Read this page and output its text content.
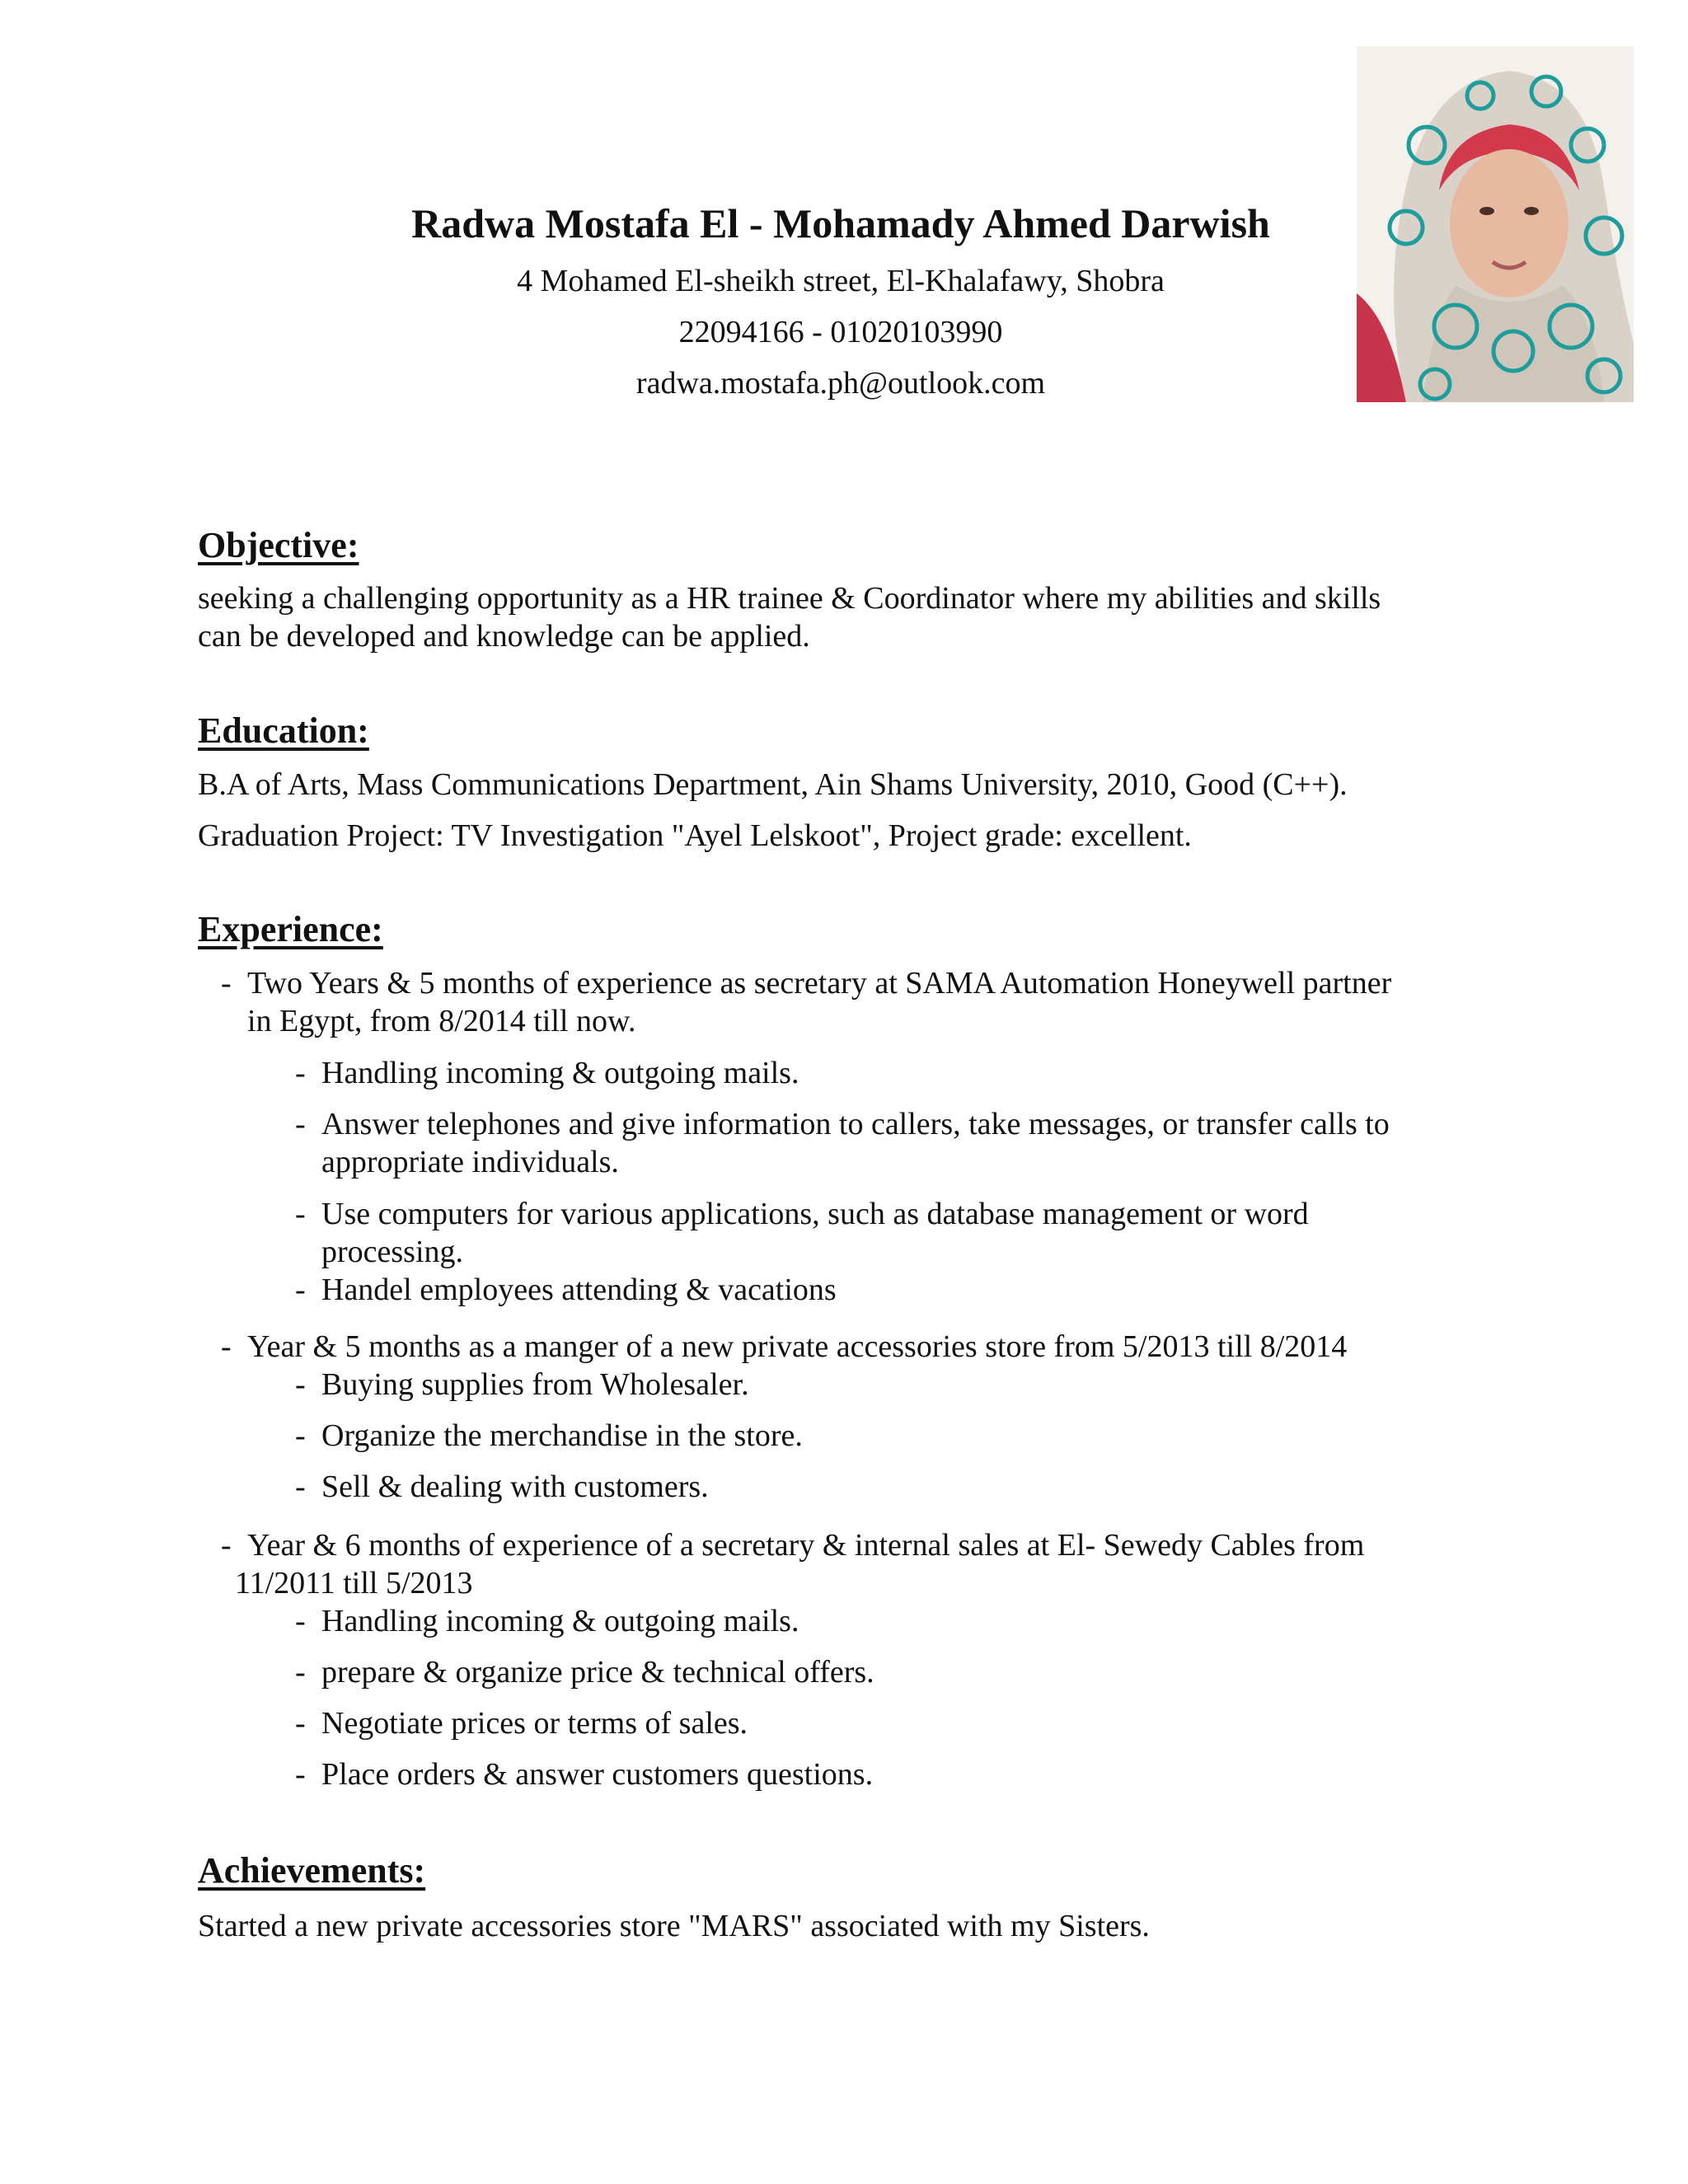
Radwa Mostafa El - Mohamady Ahmed Darwish
4 Mohamed El-sheikh street, El-Khalafawy, Shobra
22094166 - 01020103990
radwa.mostafa.ph@outlook.com
Objective:
seeking a challenging opportunity as a HR trainee & Coordinator where my abilities and skills
can be developed and knowledge can be applied.
Education:
B.A of Arts, Mass Communications Department, Ain Shams University, 2010, Good (C++).
Graduation Project: TV Investigation "Ayel Lelskoot", Project grade: excellent.
Experience:
- Two Years & 5 months of experience as secretary at SAMA Automation Honeywell partner
in Egypt, from 8/2014 till now.
- Handling incoming & outgoing mails.
- Answer telephones and give information to callers, take messages, or transfer calls to
appropriate individuals.
- Use computers for various applications, such as database management or word
processing.
- Handel employees attending & vacations
- Year & 5 months as a manger of a new private accessories store from 5/2013 till 8/2014
- Buying supplies from Wholesaler.
- Organize the merchandise in the store.
- Sell & dealing with customers.
- Year & 6 months of experience of a secretary & internal sales at El- Sewedy Cables from
11/2011 till 5/2013
- Handling incoming & outgoing mails.
- prepare & organize price & technical offers.
- Negotiate prices or terms of sales.
- Place orders & answer customers questions.
Achievements:
Started a new private accessories store "MARS" associated with my Sisters.
